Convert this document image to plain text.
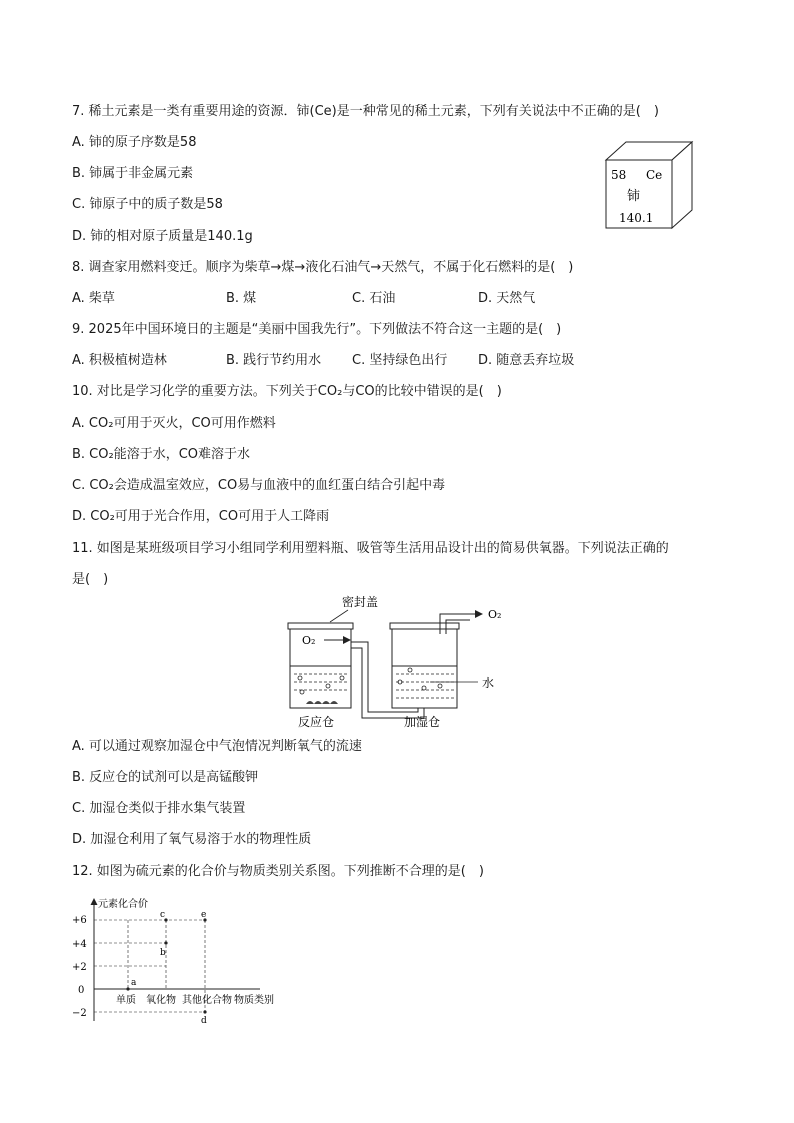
7. 稀土元素是一类有重要用途的资源．铈(Ce)是一种常见的稀土元素，下列有关说法中不正确的是(　)
A. 铈的原子序数是58
B. 铈属于非金属元素
C. 铈原子中的质子数是58
D. 铈的相对原子质量是140.1g
58 Ce
铈
140.1
8. 调查家用燃料变迁。顺序为柴草→煤→液化石油气→天然气，不属于化石燃料的是(　)
A. 柴草	B. 煤	C. 石油	D. 天然气
9. 2025年中国环境日的主题是“美丽中国我先行”。下列做法不符合这一主题的是(　)
A. 积极植树造林	B. 践行节约用水 C. 坚持绿色出行 D. 随意丢弃垃圾
10. 对比是学习化学的重要方法。下列关于CO₂与CO的比较中错误的是(　)
A. CO₂可用于灭火，CO可用作燃料
B. CO₂能溶于水，CO难溶于水
C. CO₂会造成温室效应，CO易与血液中的血红蛋白结合引起中毒
D. CO₂可用于光合作用，CO可用于人工降雨
11. 如图是某班级项目学习小组同学利用塑料瓶、吸管等生活用品设计出的简易供氧器。下列说法正确的
是(　)
密封盖
O₂
O₂
水
反应仓	加湿仓
A. 可以通过观察加湿仓中气泡情况判断氧气的流速
B. 反应仓的试剂可以是高锰酸钾
C. 加湿仓类似于排水集气装置
D. 加湿仓利用了氧气易溶于水的物理性质
12. 如图为硫元素的化合价与物质类别关系图。下列推断不合理的是(　)
元素化合价
+6
+4
+2
0
−2
a
b
c
d
e
单质 氧化物 其他化合物 物质类别
